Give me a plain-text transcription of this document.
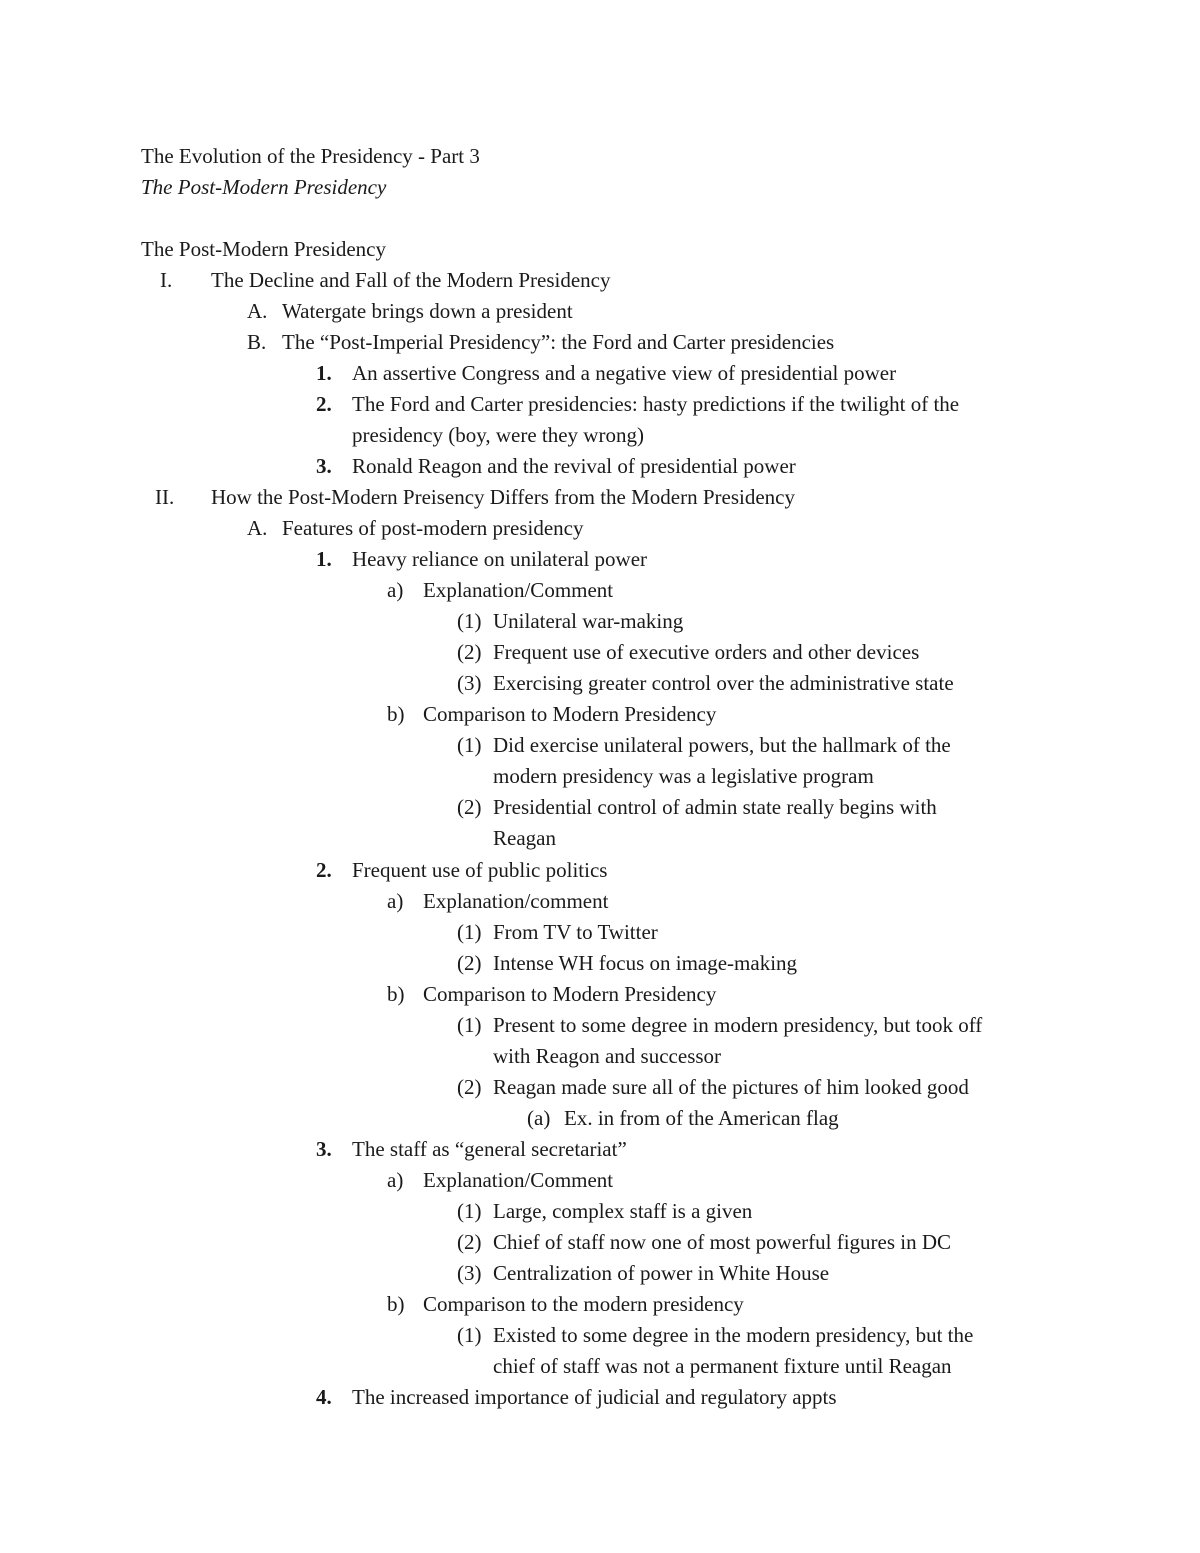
The Evolution of the Presidency - Part 3
The Post-Modern Presidency
The Post-Modern Presidency
I. The Decline and Fall of the Modern Presidency
A. Watergate brings down a president
B. The “Post-Imperial Presidency”: the Ford and Carter presidencies
1. An assertive Congress and a negative view of presidential power
2. The Ford and Carter presidencies: hasty predictions if the twilight of the
presidency (boy, were they wrong)
3. Ronald Reagon and the revival of presidential power
II. How the Post-Modern Preisency Differs from the Modern Presidency
A. Features of post-modern presidency
1. Heavy reliance on unilateral power
a) Explanation/Comment
(1) Unilateral war-making
(2) Frequent use of executive orders and other devices
(3) Exercising greater control over the administrative state
b) Comparison to Modern Presidency
(1) Did exercise unilateral powers, but the hallmark of the
modern presidency was a legislative program
(2) Presidential control of admin state really begins with
Reagan
2. Frequent use of public politics
a) Explanation/comment
(1) From TV to Twitter
(2) Intense WH focus on image-making
b) Comparison to Modern Presidency
(1) Present to some degree in modern presidency, but took off
with Reagon and successor
(2) Reagan made sure all of the pictures of him looked good
(a) Ex. in from of the American flag
3. The staff as “general secretariat”
a) Explanation/Comment
(1) Large, complex staff is a given
(2) Chief of staff now one of most powerful figures in DC
(3) Centralization of power in White House
b) Comparison to the modern presidency
(1) Existed to some degree in the modern presidency, but the
chief of staff was not a permanent fixture until Reagan
4. The increased importance of judicial and regulatory appts
